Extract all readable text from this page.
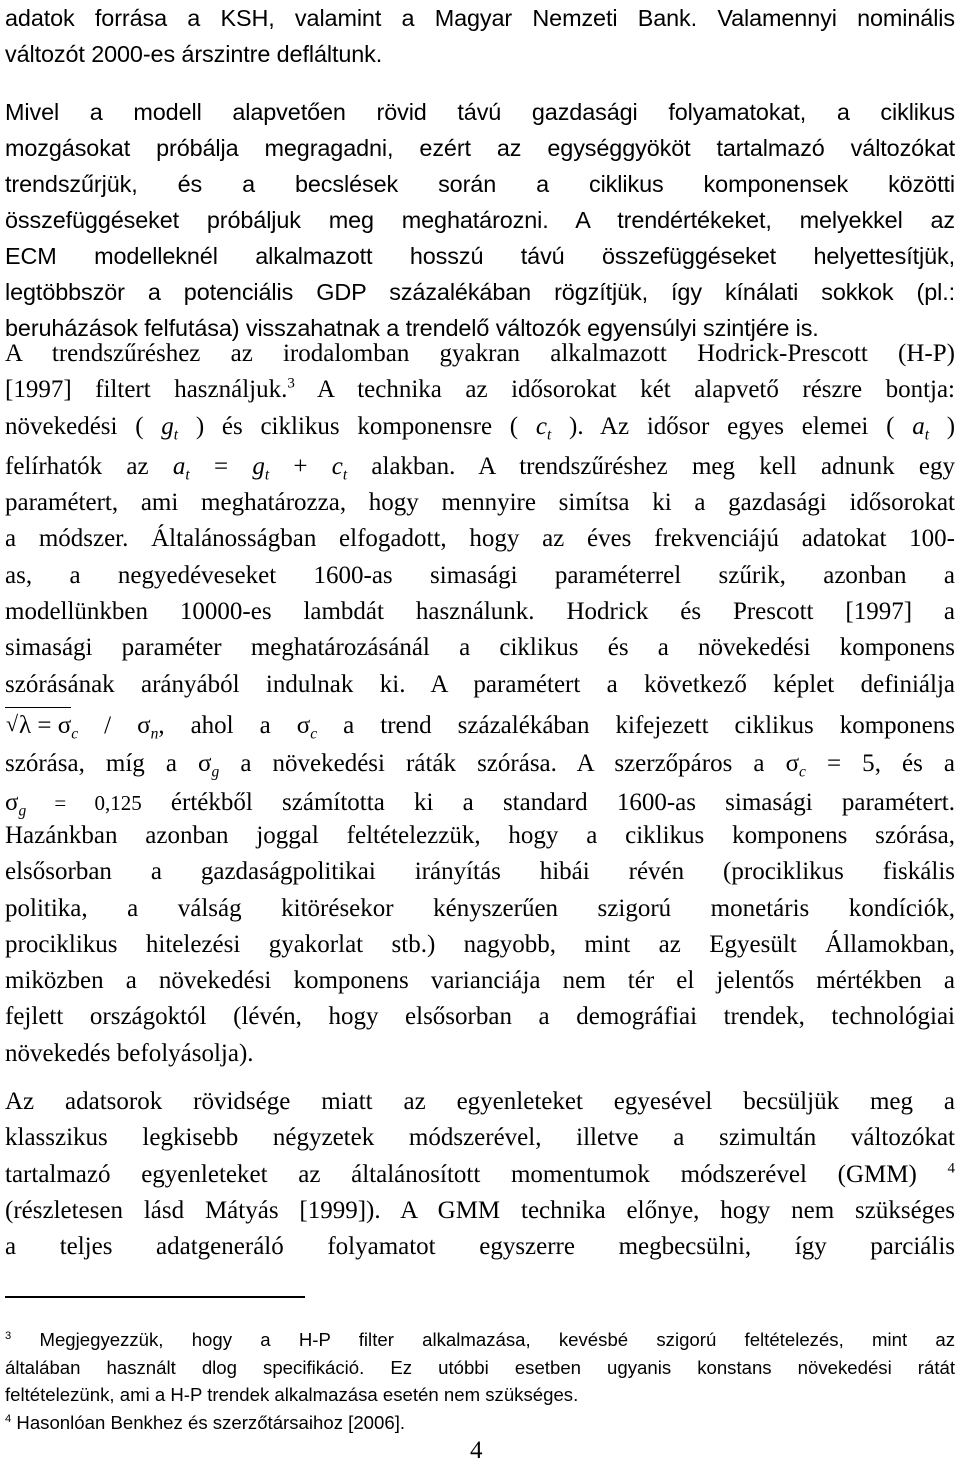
adatok forrása a KSH, valamint a Magyar Nemzeti Bank. Valamennyi nominális
változót 2000-es árszintre defláltunk.
Mivel a modell alapvetően rövid távú gazdasági folyamatokat, a ciklikus
mozgásokat próbálja megragadni, ezért az egységgyököt tartalmazó változókat
trendszűrjük, és a becslések során a ciklikus komponensek közötti
összefüggéseket próbáljuk meg meghatározni. A trendértékeket, melyekkel az
ECM modelleknél alkalmazott hosszú távú összefüggéseket helyettesítjük,
legtöbbször a potenciális GDP százalékában rögzítjük, így kínálati sokkok (pl.:
beruházások felfutása) visszahatnak a trendelő változók egyensúlyi szintjére is.
A trendszűréshez az irodalomban gyakran alkalmazott Hodrick-Prescott (H-P)
[1997] filtert használjuk.$^3$ A technika az idősorokat két alapvető részre bontja:
növekedési ( $g_t$ ) és ciklikus komponensre ( $c_t$ ). Az idősor egyes elemei ( $a_t$ )
felírhatók az $a_t = g_t + c_t$ alakban. A trendszűréshez meg kell adnunk egy
paramétert, ami meghatározza, hogy mennyire simítsa ki a gazdasági idősorokat
a módszer. Általánosságban elfogadott, hogy az éves frekvenciájú adatokat 100-
as, a negyedéveseket 1600-as simasági paraméterrel szűrik, azonban a
modellünkben 10000-es lambdát használunk. Hodrick és Prescott [1997] a
simasági paraméter meghatározásánál a ciklikus és a növekedési komponens
szórásának arányából indulnak ki. A paramétert a következő képlet definiálja
√ $\lambda = \sigma_c / \sigma_n$, ahol a $\sigma_c$ a trend százalékában kifejezett ciklikus komponens
szórása, míg a $\sigma_g$ a növekedési ráták szórása. A szerzőpáros a $\sigma_c = 5$, és a
$\sigma_g = 0,125$ értékből számította ki a standard 1600-as simasági paramétert.
Hazánkban azonban joggal feltételezzük, hogy a ciklikus komponens szórása,
elsősorban a gazdaságpolitikai irányítás hibái révén (prociklikus fiskális
politika, a válság kitörésekor kényszerűen szigorú monetáris kondíciók,
prociklikus hitelezési gyakorlat stb.) nagyobb, mint az Egyesült Államokban,
miközben a növekedési komponens varianciája nem tér el jelentős mértékben a
fejlett országoktól (lévén, hogy elsősorban a demográfiai trendek, technológiai
növekedés befolyásolja).
Az adatsorok rövidsége miatt az egyenleteket egyesével becsüljük meg a
klasszikus legkisebb négyzetek módszerével, illetve a szimultán változókat
tartalmazó egyenleteket az általánosított momentumok módszerével (GMM) $^4$
(részletesen lásd Mátyás [1999]). A GMM technika előnye, hogy nem szükséges
a teljes adatgeneráló folyamatot egyszerre megbecsülni, így parciális
$^3$ Megjegyezzük, hogy a H-P filter alkalmazása, kevésbé szigorú feltételezés, mint az
általában használt dlog specifikáció. Ez utóbbi esetben ugyanis konstans növekedési rátát
feltételezünk, ami a H-P trendek alkalmazása esetén nem szükséges.
$^4$ Hasonlóan Benkhez és szerzőtársaihoz [2006].
4
